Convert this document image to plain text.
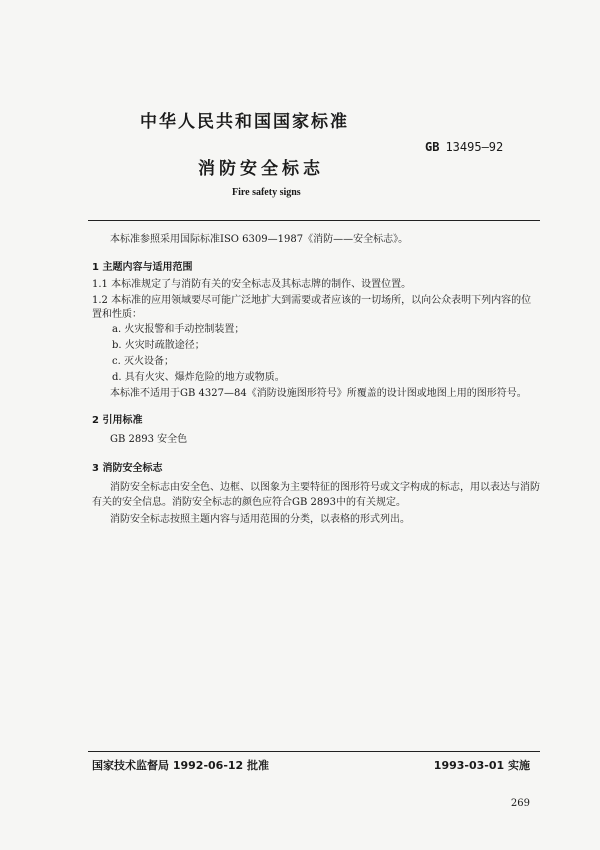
中华人民共和国国家标准
GB 13495—92
消防安全标志
Fire safety signs
本标准参照采用国际标准ISO 6309—1987《消防——安全标志》。
1 主题内容与适用范围
1.1 本标准规定了与消防有关的安全标志及其标志牌的制作、设置位置。
1.2 本标准的应用领域要尽可能广泛地扩大到需要或者应该的一切场所，以向公众表明下列内容的位
置和性质：
a. 火灾报警和手动控制装置；
b. 火灾时疏散途径；
c. 灭火设备；
d. 具有火灾、爆炸危险的地方或物质。
本标准不适用于GB 4327—84《消防设施图形符号》所覆盖的设计图或地图上用的图形符号。
2 引用标准
GB 2893 安全色
3 消防安全标志
消防安全标志由安全色、边框、以图象为主要特征的图形符号或文字构成的标志，用以表达与消防
有关的安全信息。消防安全标志的颜色应符合GB 2893中的有关规定。
消防安全标志按照主题内容与适用范围的分类，以表格的形式列出。
国家技术监督局 1992-06-12 批准	1993-03-01 实施
269
